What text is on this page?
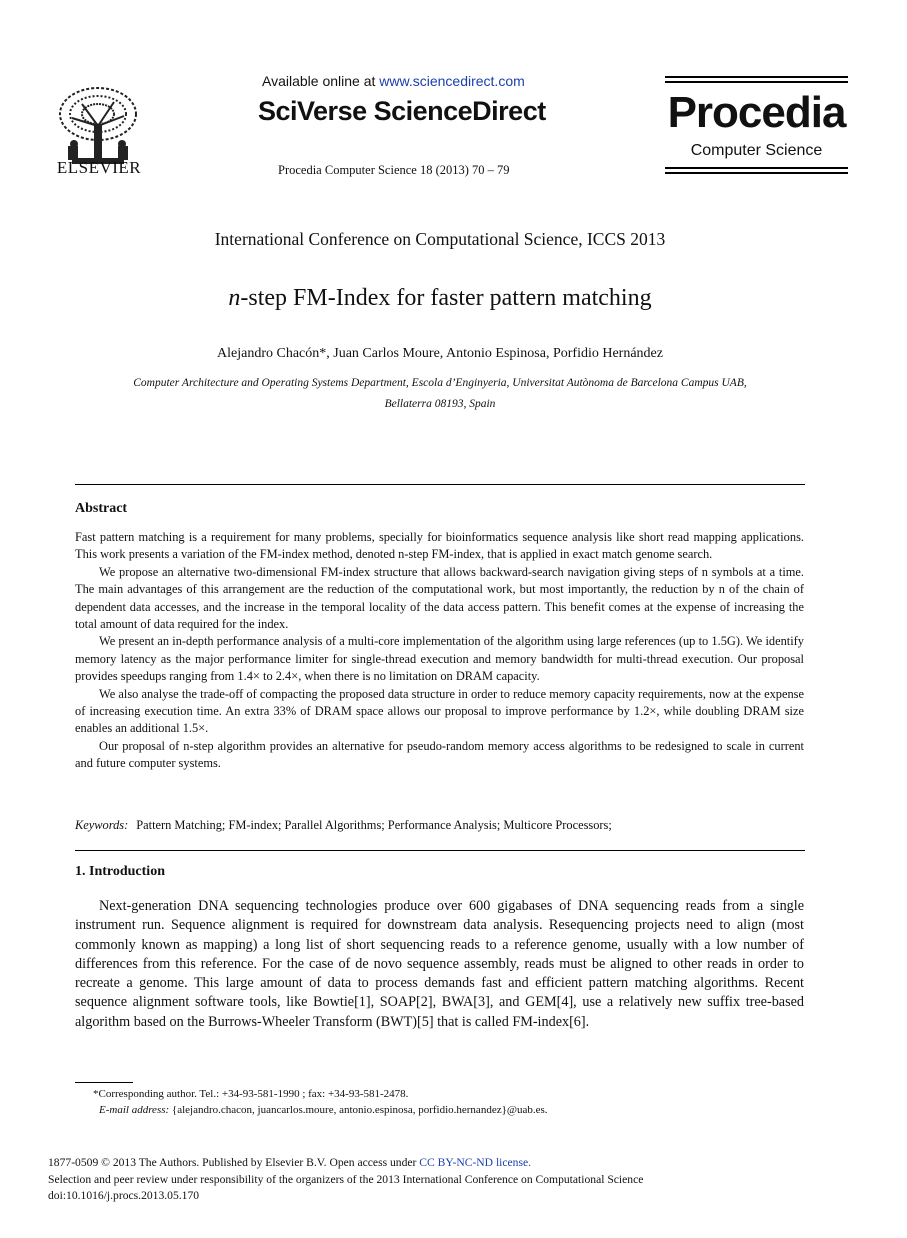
ELSEVIER
Available online at www.sciencedirect.com
SciVerse ScienceDirect
Procedia Computer Science 18 (2013) 70 – 79
Procedia
Computer Science
International Conference on Computational Science, ICCS 2013
n-step FM-Index for faster pattern matching
Alejandro Chacón*, Juan Carlos Moure, Antonio Espinosa, Porfidio Hernández
Computer Architecture and Operating Systems Department, Escola d’Enginyeria, Universitat Autònoma de Barcelona Campus UAB,
Bellaterra 08193, Spain
Abstract

Fast pattern matching is a requirement for many problems, specially for bioinformatics sequence analysis like short read mapping applications. This work presents a variation of the FM-index method, denoted n-step FM-index, that is applied in exact match genome search.

We propose an alternative two-dimensional FM-index structure that allows backward-search navigation giving steps of n symbols at a time. The main advantages of this arrangement are the reduction of the computational work, but most importantly, the reduction by n of the chain of dependent data accesses, and the increase in the temporal locality of the data access pattern. This benefit comes at the expense of increasing the total amount of data required for the index.

We present an in-depth performance analysis of a multi-core implementation of the algorithm using large references (up to 1.5G). We identify memory latency as the major performance limiter for single-thread execution and memory bandwidth for multi-thread execution. Our proposal provides speedups ranging from 1.4× to 2.4×, when there is no limitation on DRAM capacity.

We also analyse the trade-off of compacting the proposed data structure in order to reduce memory capacity requirements, now at the expense of increasing execution time. An extra 33% of DRAM space allows our proposal to improve performance by 1.2×, while doubling DRAM size enables an additional 1.5×.

Our proposal of n-step algorithm provides an alternative for pseudo-random memory access algorithms to be redesigned to scale in current and future computer systems.

Keywords: Pattern Matching; FM-index; Parallel Algorithms; Performance Analysis; Multicore Processors;
1. Introduction
Next-generation DNA sequencing technologies produce over 600 gigabases of DNA sequencing reads from a single instrument run. Sequence alignment is required for downstream data analysis. Resequencing projects need to align (most commonly known as mapping) a long list of short sequencing reads to a reference genome, usually with a low number of differences from this reference. For the case of de novo sequence assembly, reads must be aligned to other reads in order to recreate a genome. This large amount of data to process demands fast and efficient pattern matching algorithms. Recent sequence alignment software tools, like Bowtie[1], SOAP[2], BWA[3], and GEM[4], use a relatively new suffix tree-based algorithm based on the Burrows-Wheeler Transform (BWT)[5] that is called FM-index[6].
*Corresponding author. Tel.: +34-93-581-1990 ; fax: +34-93-581-2478.
E-mail address: {alejandro.chacon, juancarlos.moure, antonio.espinosa, porfidio.hernandez}@uab.es.
1877-0509 © 2013 The Authors. Published by Elsevier B.V. Open access under CC BY-NC-ND license.
Selection and peer review under responsibility of the organizers of the 2013 International Conference on Computational Science
doi:10.1016/j.procs.2013.05.170
